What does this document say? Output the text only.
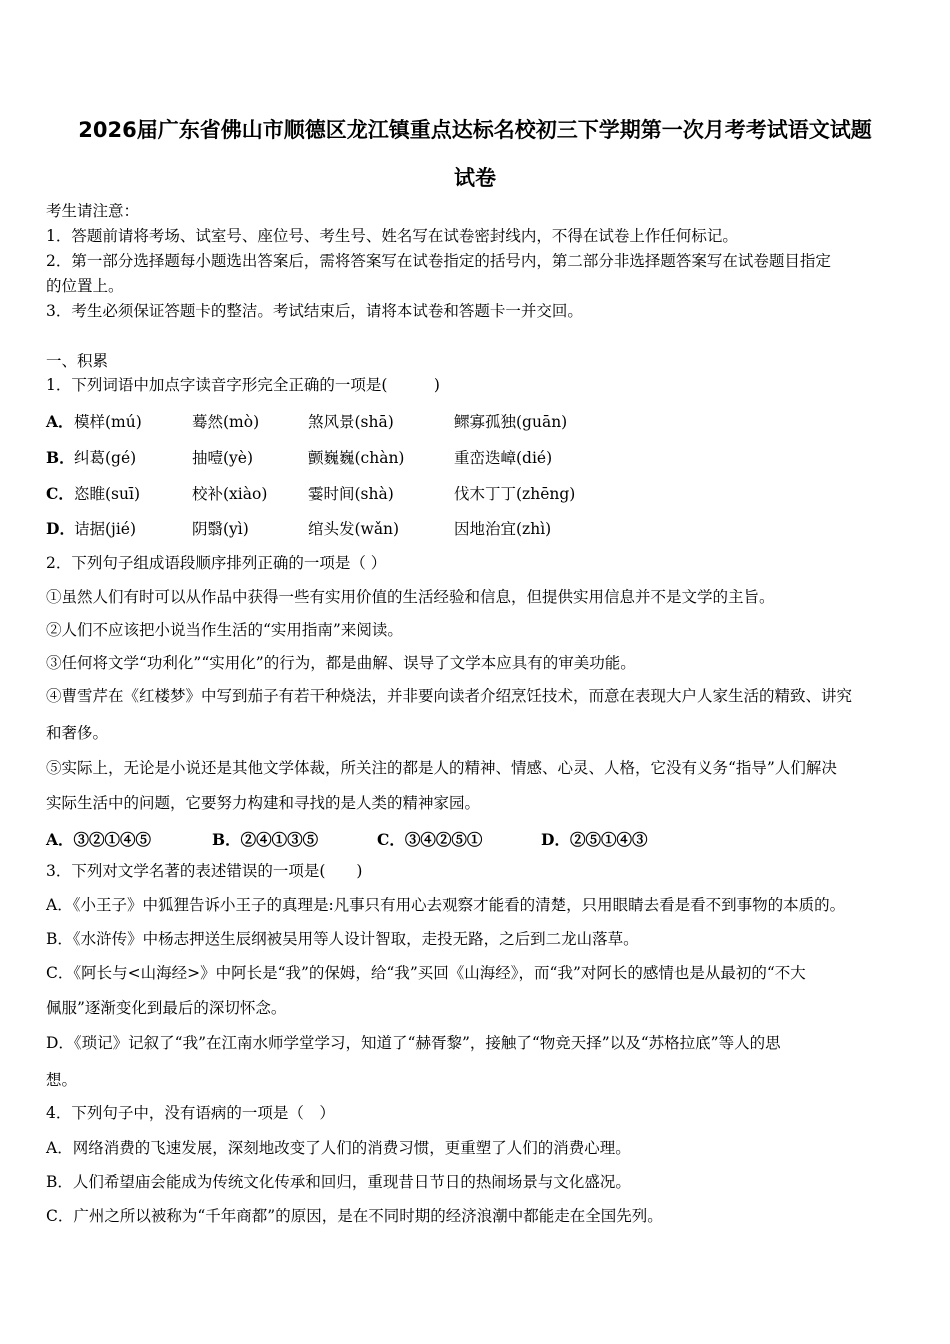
2026届广东省佛山市顺德区龙江镇重点达标名校初三下学期第一次月考考试语文试题
试卷
考生请注意：
1．答题前请将考场、试室号、座位号、考生号、姓名写在试卷密封线内，不得在试卷上作任何标记。
2．第一部分选择题每小题选出答案后，需将答案写在试卷指定的括号内，第二部分非选择题答案写在试卷题目指定
的位置上。
3．考生必须保证答题卡的整洁。考试结束后，请将本试卷和答题卡一并交回。
一、积累
1．下列词语中加点字读音字形完全正确的一项是(　　　)
A． 模样(mú)	蓦然(mò)	煞风景(shā)	鳏寡孤独(guān)
B． 纠葛(gé)	抽噎(yè)	颤巍巍(chàn)	重峦迭嶂(dié)
C． 恣睢(suī)	校补(xiào)	霎时间(shà)	伐木丁丁(zhēng)
D． 诘据(jié)	阴翳(yì)	绾头发(wǎn)	因地治宜(zhì)
2．下列句子组成语段顺序排列正确的一项是（ ）
①虽然人们有时可以从作品中获得一些有实用价值的生活经验和信息，但提供实用信息并不是文学的主旨。
②人们不应该把小说当作生活的“实用指南”来阅读。
③任何将文学“功利化”“实用化”的行为，都是曲解、误导了文学本应具有的审美功能。
④曹雪芹在《红楼梦》中写到茄子有若干种烧法，并非要向读者介绍烹饪技术，而意在表现大户人家生活的精致、讲究
和奢侈。
⑤实际上，无论是小说还是其他文学体裁，所关注的都是人的精神、情感、心灵、人格，它没有义务“指导”人们解决
实际生活中的问题，它要努力构建和寻找的是人类的精神家园。
A．③②①④⑤	B．②④①③⑤	C．③④②⑤①	D．②⑤①④③
3．下列对文学名著的表述错误的一项是(　　)
A．《小王子》中狐狸告诉小王子的真理是:凡事只有用心去观察才能看的清楚，只用眼睛去看是看不到事物的本质的。
B．《水浒传》中杨志押送生辰纲被吴用等人设计智取，走投无路，之后到二龙山落草。
C．《阿长与<山海经>》中阿长是“我”的保姆，给“我”买回《山海经》，而“我”对阿长的感情也是从最初的“不大
佩服”逐渐变化到最后的深切怀念。
D．《琐记》记叙了“我”在江南水师学堂学习，知道了“赫胥黎”，接触了“物竞天择”以及“苏格拉底”等人的思
想。
4．下列句子中，没有语病的一项是（　）
A．网络消费的飞速发展，深刻地改变了人们的消费习惯，更重塑了人们的消费心理。
B．人们希望庙会能成为传统文化传承和回归，重现昔日节日的热闹场景与文化盛况。
C．广州之所以被称为“千年商都”的原因，是在不同时期的经济浪潮中都能走在全国先列。
